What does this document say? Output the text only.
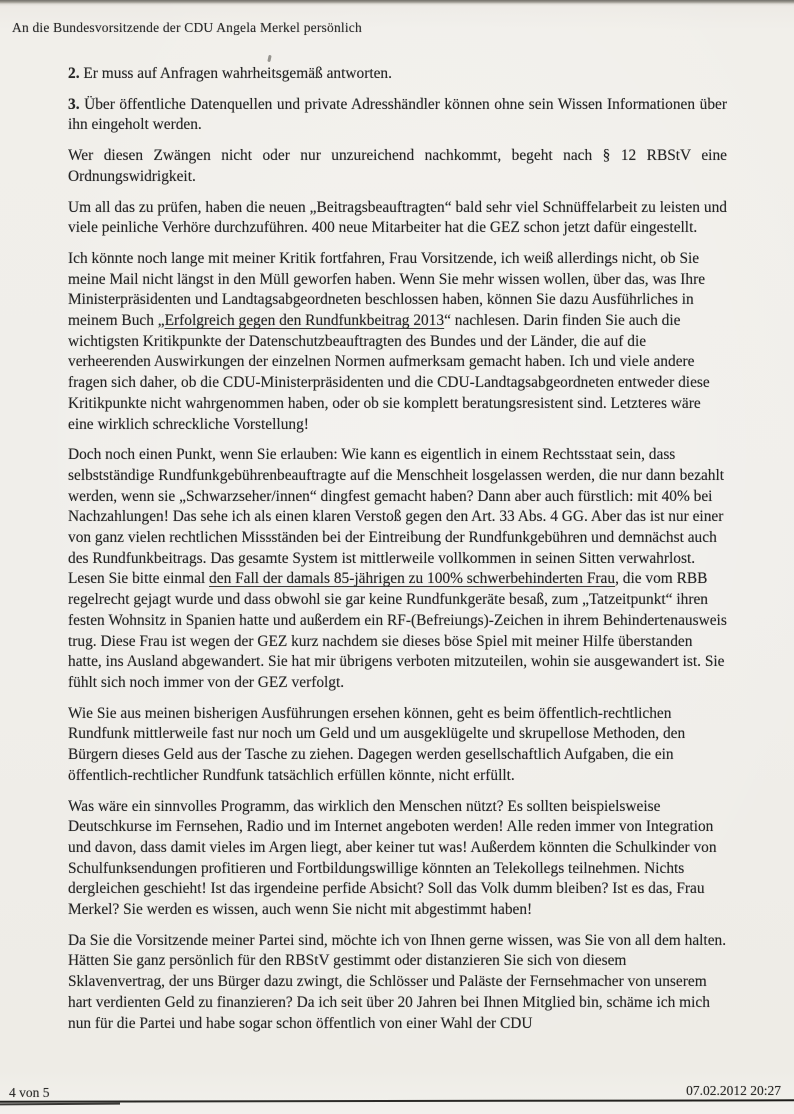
An die Bundesvorsitzende der CDU Angela Merkel persönlich

2. Er muss auf Anfragen wahrheitsgemäß antworten.

3. Über öffentliche Datenquellen und private Adresshändler können ohne sein Wissen Informationen über ihn eingeholt werden.

Wer diesen Zwängen nicht oder nur unzureichend nachkommt, begeht nach § 12 RBStV eine Ordnungswidrigkeit.

Um all das zu prüfen, haben die neuen „Beitragsbeauftragten“ bald sehr viel Schnüffelarbeit zu leisten und viele peinliche Verhöre durchzuführen. 400 neue Mitarbeiter hat die GEZ schon jetzt dafür eingestellt.

Ich könnte noch lange mit meiner Kritik fortfahren, Frau Vorsitzende, ich weiß allerdings nicht, ob Sie meine Mail nicht längst in den Müll geworfen haben. Wenn Sie mehr wissen wollen, über das, was Ihre Ministerpräsidenten und Landtagsabgeordneten beschlossen haben, können Sie dazu Ausführliches in meinem Buch „Erfolgreich gegen den Rundfunkbeitrag 2013“ nachlesen. Darin finden Sie auch die wichtigsten Kritikpunkte der Datenschutzbeauftragten des Bundes und der Länder, die auf die verheerenden Auswirkungen der einzelnen Normen aufmerksam gemacht haben. Ich und viele andere fragen sich daher, ob die CDU-Ministerpräsidenten und die CDU-Landtagsabgeordneten entweder diese Kritikpunkte nicht wahrgenommen haben, oder ob sie komplett beratungsresistent sind. Letzteres wäre eine wirklich schreckliche Vorstellung!

Doch noch einen Punkt, wenn Sie erlauben: Wie kann es eigentlich in einem Rechtsstaat sein, dass selbstständige Rundfunkgebührenbeauftragte auf die Menschheit losgelassen werden, die nur dann bezahlt werden, wenn sie „Schwarzseher/innen“ dingfest gemacht haben? Dann aber auch fürstlich: mit 40% bei Nachzahlungen! Das sehe ich als einen klaren Verstoß gegen den Art. 33 Abs. 4 GG. Aber das ist nur einer von ganz vielen rechtlichen Missständen bei der Eintreibung der Rundfunkgebühren und demnächst auch des Rundfunkbeitrags. Das gesamte System ist mittlerweile vollkommen in seinen Sitten verwahrlost. Lesen Sie bitte einmal den Fall der damals 85-jährigen zu 100% schwerbehinderten Frau, die vom RBB regelrecht gejagt wurde und dass obwohl sie gar keine Rundfunkgeräte besaß, zum „Tatzeitpunkt“ ihren festen Wohnsitz in Spanien hatte und außerdem ein RF-(Befreiungs)-Zeichen in ihrem Behindertenausweis trug. Diese Frau ist wegen der GEZ kurz nachdem sie dieses böse Spiel mit meiner Hilfe überstanden hatte, ins Ausland abgewandert. Sie hat mir übrigens verboten mitzuteilen, wohin sie ausgewandert ist. Sie fühlt sich noch immer von der GEZ verfolgt.

Wie Sie aus meinen bisherigen Ausführungen ersehen können, geht es beim öffentlich-rechtlichen Rundfunk mittlerweile fast nur noch um Geld und um ausgeklügelte und skrupellose Methoden, den Bürgern dieses Geld aus der Tasche zu ziehen. Dagegen werden gesellschaftlich Aufgaben, die ein öffentlich-rechtlicher Rundfunk tatsächlich erfüllen könnte, nicht erfüllt.

Was wäre ein sinnvolles Programm, das wirklich den Menschen nützt? Es sollten beispielsweise Deutschkurse im Fernsehen, Radio und im Internet angeboten werden! Alle reden immer von Integration und davon, dass damit vieles im Argen liegt, aber keiner tut was! Außerdem könnten die Schulkinder von Schulfunksendungen profitieren und Fortbildungswillige könnten an Telekollegs teilnehmen. Nichts dergleichen geschieht! Ist das irgendeine perfide Absicht? Soll das Volk dumm bleiben? Ist es das, Frau Merkel? Sie werden es wissen, auch wenn Sie nicht mit abgestimmt haben!

Da Sie die Vorsitzende meiner Partei sind, möchte ich von Ihnen gerne wissen, was Sie von all dem halten. Hätten Sie ganz persönlich für den RBStV gestimmt oder distanzieren Sie sich von diesem Sklavenvertrag, der uns Bürger dazu zwingt, die Schlösser und Paläste der Fernsehmacher von unserem hart verdienten Geld zu finanzieren? Da ich seit über 20 Jahren bei Ihnen Mitglied bin, schäme ich mich nun für die Partei und habe sogar schon öffentlich von einer Wahl der CDU

4 von 5	07.02.2012 20:27
